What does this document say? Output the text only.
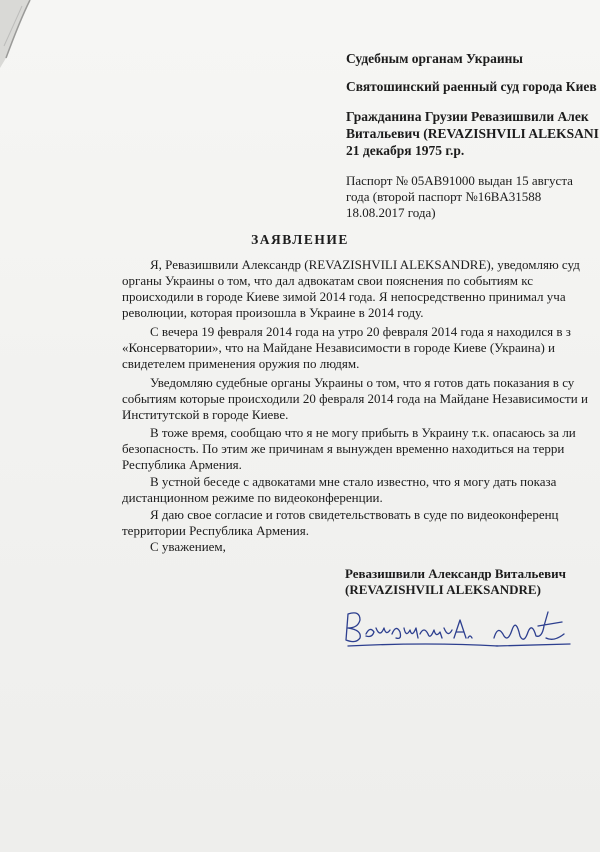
Судебным органам Украины
Святошинский раенный суд города Киев
Гражданина Грузии Ревазишвили Алек
Витальевич (REVAZISHVILI ALEKSANI
21 декабря 1975 г.р.
Паспорт № 05AB91000 выдан 15 августа
года (второй паспорт №16BA31588
18.08.2017 года)
ЗАЯВЛЕНИЕ
Я, Ревазишвили Александр (REVAZISHVILI ALEKSANDRE), уведомляю суд
органы Украины о том, что дал адвокатам свои пояснения по событиям кс
происходили в городе Киеве зимой 2014 года. Я непосредственно принимал уча
революции, которая произошла в Украине в 2014 году.
С вечера 19 февраля 2014 года на утро 20 февраля 2014 года я находился в з
«Консерватории», что на Майдане Независимости в городе Киеве (Украина) и
свидетелем применения оружия по людям.
Уведомляю судебные органы Украины о том, что я готов дать показания в су
событиям которые происходили 20 февраля 2014 года на Майдане Независимости и
Институтской в городе Киеве.
В тоже время, сообщаю что я не могу прибыть в Украину т.к. опасаюсь за ли
безопасность. По этим же причинам я вынужден временно находиться на терри
Республика Армения.
В устной беседе с адвокатами мне стало известно, что я могу дать показа
дистанционном режиме по видеоконференции.
Я даю свое согласие и готов свидетельствовать в суде по видеоконференц
территории Республика Армения.
С уважением,
Ревазишвили Александр Витальевич
(REVAZISHVILI ALEKSANDRE)
